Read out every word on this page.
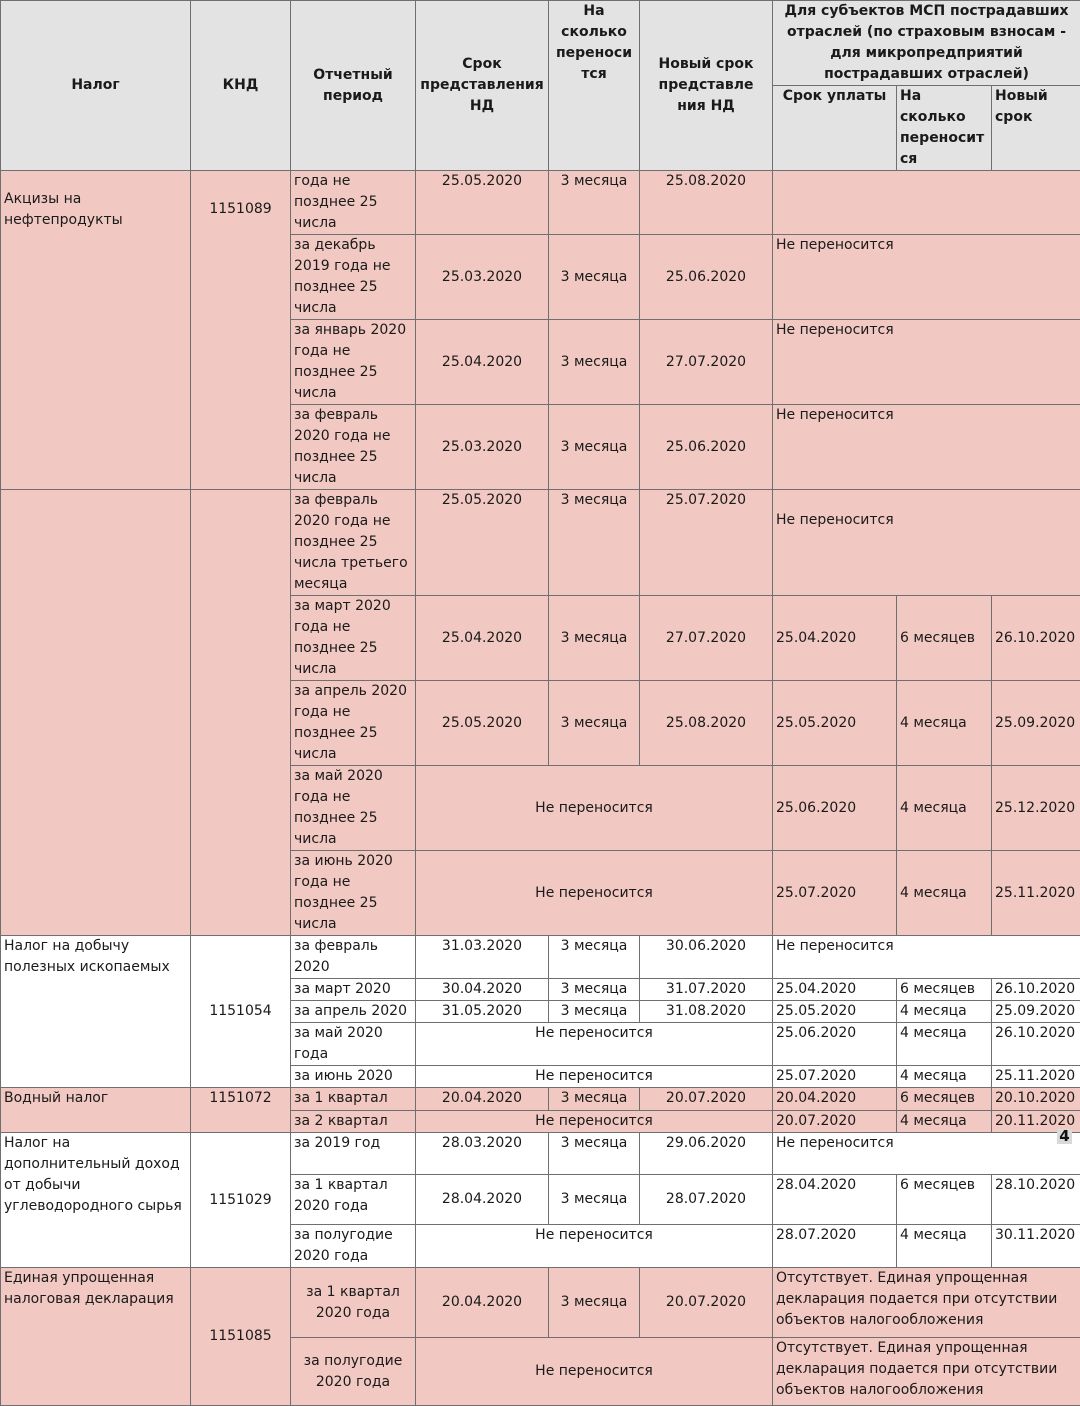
Налог	КНД	Отчетный период	Срок представления НД	На сколько переноси тся	Новый срок представле ния НД	Для субъектов МСП пострадавших отраслей (по страховым взносам - для микропредприятий пострадавших отраслей)		
						Срок уплаты	На сколько переносится	Новый срок
Акцизы на нефтепродукты	1151089	года не позднее 25 числа	25.05.2020	3 месяца	25.08.2020			
		за декабрь 2019 года не позднее 25 числа	25.03.2020	3 месяца	25.06.2020	Не переносится		
		за январь 2020 года не позднее 25 числа	25.04.2020	3 месяца	27.07.2020	Не переносится		
		за февраль 2020 года не позднее 25 числа	25.03.2020	3 месяца	25.06.2020	Не переносится		
		за февраль 2020 года не позднее 25 числа третьего месяца	25.05.2020	3 месяца	25.07.2020	Не переносится		
		за март 2020 года не позднее 25 числа	25.04.2020	3 месяца	27.07.2020	25.04.2020	6 месяцев	26.10.2020
		за апрель 2020 года не позднее 25 числа	25.05.2020	3 месяца	25.08.2020	25.05.2020	4 месяца	25.09.2020
		за май 2020 года не позднее 25 числа	Не переносится			25.06.2020	4 месяца	25.12.2020
		за июнь 2020 года не позднее 25 числа	Не переносится			25.07.2020	4 месяца	25.11.2020
Налог на добычу полезных ископаемых	1151054	за февраль 2020	31.03.2020	3 месяца	30.06.2020	Не переносится		
		за март 2020	30.04.2020	3 месяца	31.07.2020	25.04.2020	6 месяцев	26.10.2020
		за апрель 2020	31.05.2020	3 месяца	31.08.2020	25.05.2020	4 месяца	25.09.2020
		за май 2020 года	Не переносится			25.06.2020	4 месяца	26.10.2020
		за июнь 2020	Не переносится			25.07.2020	4 месяца	25.11.2020
Водный налог	1151072	за 1 квартал	20.04.2020	3 месяца	20.07.2020	20.04.2020	6 месяцев	20.10.2020
		за 2 квартал	Не переносится			20.07.2020	4 месяца	20.11.2020
Налог на дополнительный доход от добычи углеводородного сырья	1151029	за 2019 год	28.03.2020	3 месяца	29.06.2020	Не переносится		
		за 1 квартал 2020 года	28.04.2020	3 месяца	28.07.2020	28.04.2020	6 месяцев	28.10.2020
		за полугодие 2020 года	Не переносится			28.07.2020	4 месяца	30.11.2020
Единая упрощенная налоговая декларация	1151085	за 1 квартал 2020 года	20.04.2020	3 месяца	20.07.2020	Отсутствует. Единая упрощенная декларация подается при отсутствии объектов налогообложения		
		за полугодие 2020 года	Не переносится			Отсутствует. Единая упрощенная декларация подается при отсутствии объектов налогообложения		
4
